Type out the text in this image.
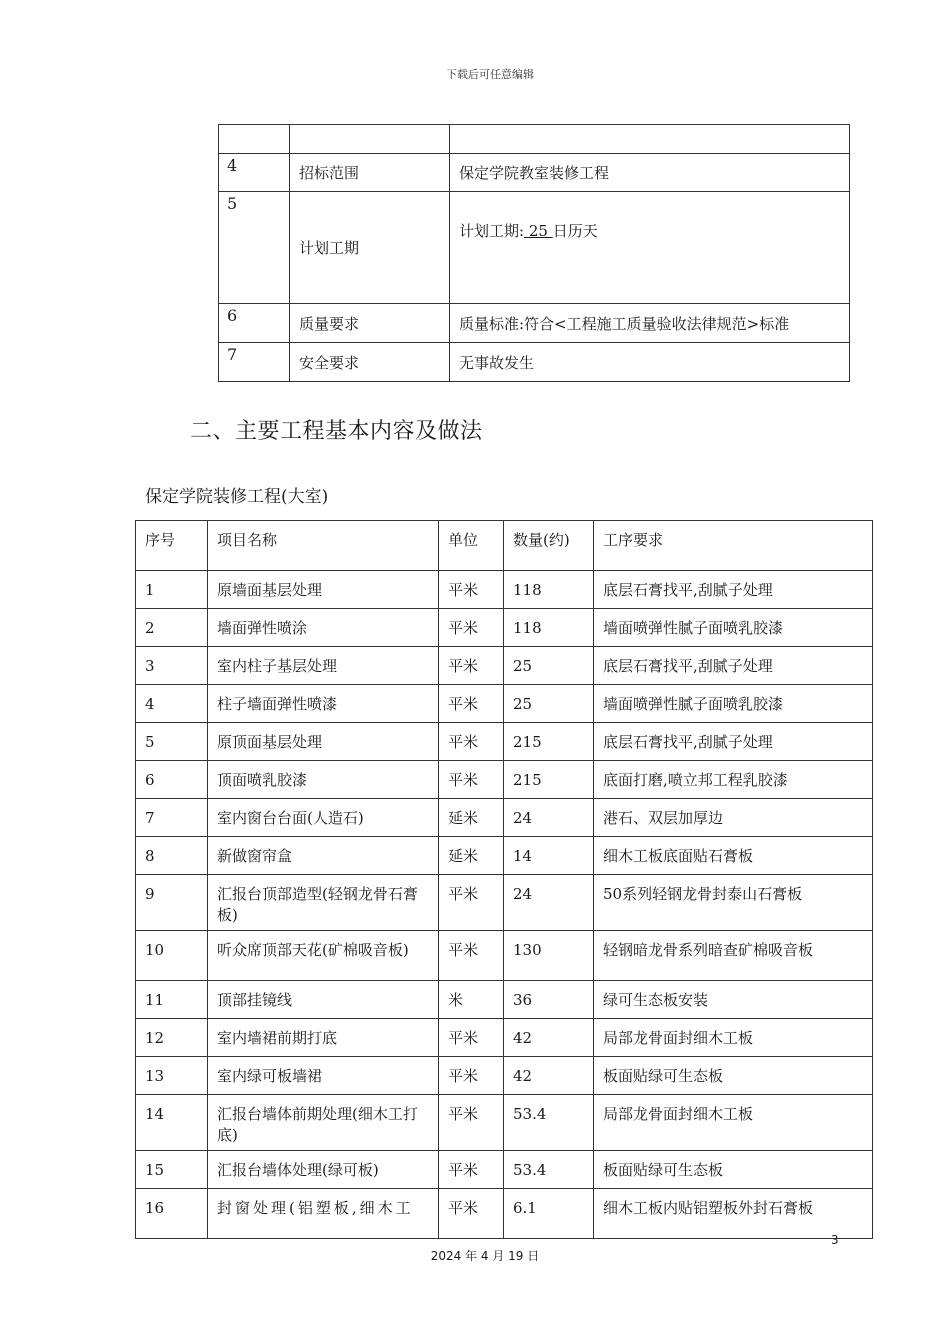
下载后可任意编辑

4	招标范围	保定学院教室装修工程
5	计划工期	计划工期: 25 日历天
6	质量要求	质量标准:符合<工程施工质量验收法律规范>标准
7	安全要求	无事故发生
二、主要工程基本内容及做法
保定学院装修工程(大室)
序号	项目名称	单位	数量(约)	工序要求
1	原墙面基层处理	平米	118	底层石膏找平,刮腻子处理
2	墙面弹性喷涂	平米	118	墙面喷弹性腻子面喷乳胶漆
3	室内柱子基层处理	平米	25	底层石膏找平,刮腻子处理
4	柱子墙面弹性喷漆	平米	25	墙面喷弹性腻子面喷乳胶漆
5	原顶面基层处理	平米	215	底层石膏找平,刮腻子处理
6	顶面喷乳胶漆	平米	215	底面打磨,喷立邦工程乳胶漆
7	室内窗台台面(人造石)	延米	24	港石、双层加厚边
8	新做窗帘盒	延米	14	细木工板底面贴石膏板
9	汇报台顶部造型(轻钢龙骨石膏板)	平米	24	50系列轻钢龙骨封泰山石膏板
10	听众席顶部天花(矿棉吸音板)	平米	130	轻钢暗龙骨系列暗查矿棉吸音板
11	顶部挂镜线	米	36	绿可生态板安装
12	室内墙裙前期打底	平米	42	局部龙骨面封细木工板
13	室内绿可板墙裙	平米	42	板面贴绿可生态板
14	汇报台墙体前期处理(细木工打底)	平米	53.4	局部龙骨面封细木工板
15	汇报台墙体处理(绿可板)	平米	53.4	板面贴绿可生态板
16	封窗处理(铝塑板,细木工	平米	6.1	细木工板内贴铝塑板外封石膏板
3
2024 年 4 月 19 日
